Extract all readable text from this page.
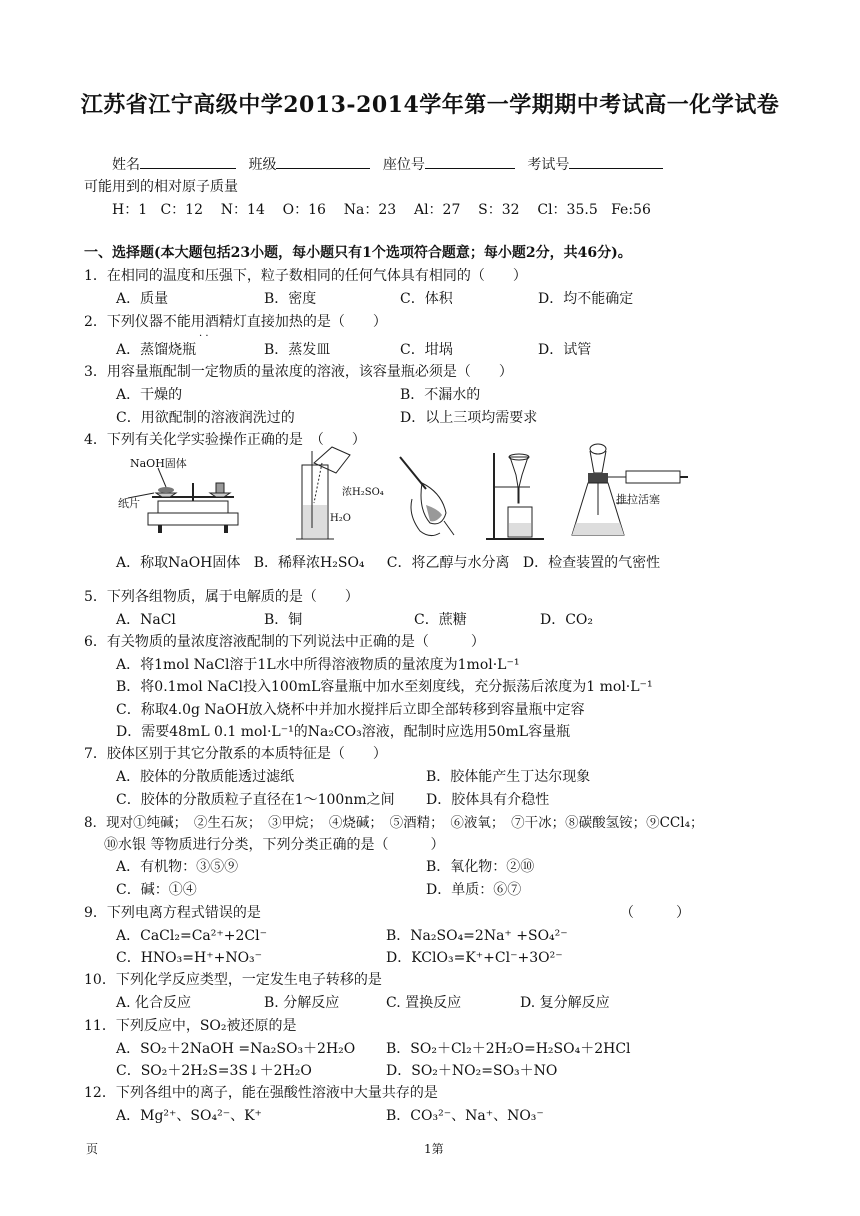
江苏省江宁高级中学2013-2014学年第一学期期中考试高一化学试卷
姓名	班级	座位号	考试号
可能用到的相对原子质量
H：1   C：12    N：14    O：16    Na：23    Al：27    S：32    Cl：35.5   Fe:56
一、选择题(本大题包括23小题，每小题只有1个选项符合题意；每小题2分，共46分)。
1．在相同的温度和压强下，粒子数相同的任何气体具有相同的（　　）
A．质量	B．密度	C．体积	D．均不能确定
2．下列仪器不能用酒精灯直接加热的是（　　）
· ·
A．蒸馏烧瓶	B．蒸发皿	C．坩埚	D．试管
3．用容量瓶配制一定物质的量浓度的溶液，该容量瓶必须是（　　）
A．干燥的	B．不漏水的
C．用欲配制的溶液润洗过的	D．以上三项均需要求
4．下列有关化学实验操作正确的是　（　　）
NaOH固体
纸片
浓H₂SO₄
H₂O
推拉活塞
A．称取NaOH固体   B．稀释浓H₂SO₄     C．将乙醇与水分离   D．检查装置的气密性
5．下列各组物质，属于电解质的是（　　）
A．NaCl	B．铜	C．蔗糖	D．CO₂
6．有关物质的量浓度溶液配制的下列说法中正确的是（　　　）
A．将1mol NaCl溶于1L水中所得溶液物质的量浓度为1mol·L⁻¹
B．将0.1mol NaCl投入100mL容量瓶中加水至刻度线，充分振荡后浓度为1 mol·L⁻¹
C．称取4.0g NaOH放入烧杯中并加水搅拌后立即全部转移到容量瓶中定容
D．需要48mL 0.1 mol·L⁻¹的Na₂CO₃溶液，配制时应选用50mL容量瓶
7．胶体区别于其它分散系的本质特征是（　　）
A．胶体的分散质能透过滤纸	B．胶体能产生丁达尔现象
C．胶体的分散质粒子直径在1～100nm之间 D．胶体具有介稳性
8．现对①纯碱；　②生石灰；　③甲烷；　④烧碱；　⑤酒精；　⑥液氧；　⑦干冰；⑧碳酸氢铵；⑨CCl₄；
⑩水银 等物质进行分类，下列分类正确的是（　　　）
A．有机物：③⑤⑨	B．氧化物：②⑩
C．碱：①④	D．单质：⑥⑦
9．下列电离方程式错误的是	（　　　）
A．CaCl₂=Ca²⁺+2Cl⁻	B．Na₂SO₄=2Na⁺ +SO₄²⁻
C．HNO₃=H⁺+NO₃⁻	D．KClO₃=K⁺+Cl⁻+3O²⁻
10．下列化学反应类型，一定发生电子转移的是
A. 化合反应	B. 分解反应	C. 置换反应	D. 复分解反应
11．下列反应中，SO₂被还原的是
A．SO₂＋2NaOH =Na₂SO₃＋2H₂O B．SO₂＋Cl₂＋2H₂O=H₂SO₄＋2HCl
C．SO₂＋2H₂S=3S↓＋2H₂O	D．SO₂＋NO₂=SO₃＋NO
12．下列各组中的离子，能在强酸性溶液中大量共存的是
A．Mg²⁺、SO₄²⁻、K⁺	B．CO₃²⁻、Na⁺、NO₃⁻
页	1第
